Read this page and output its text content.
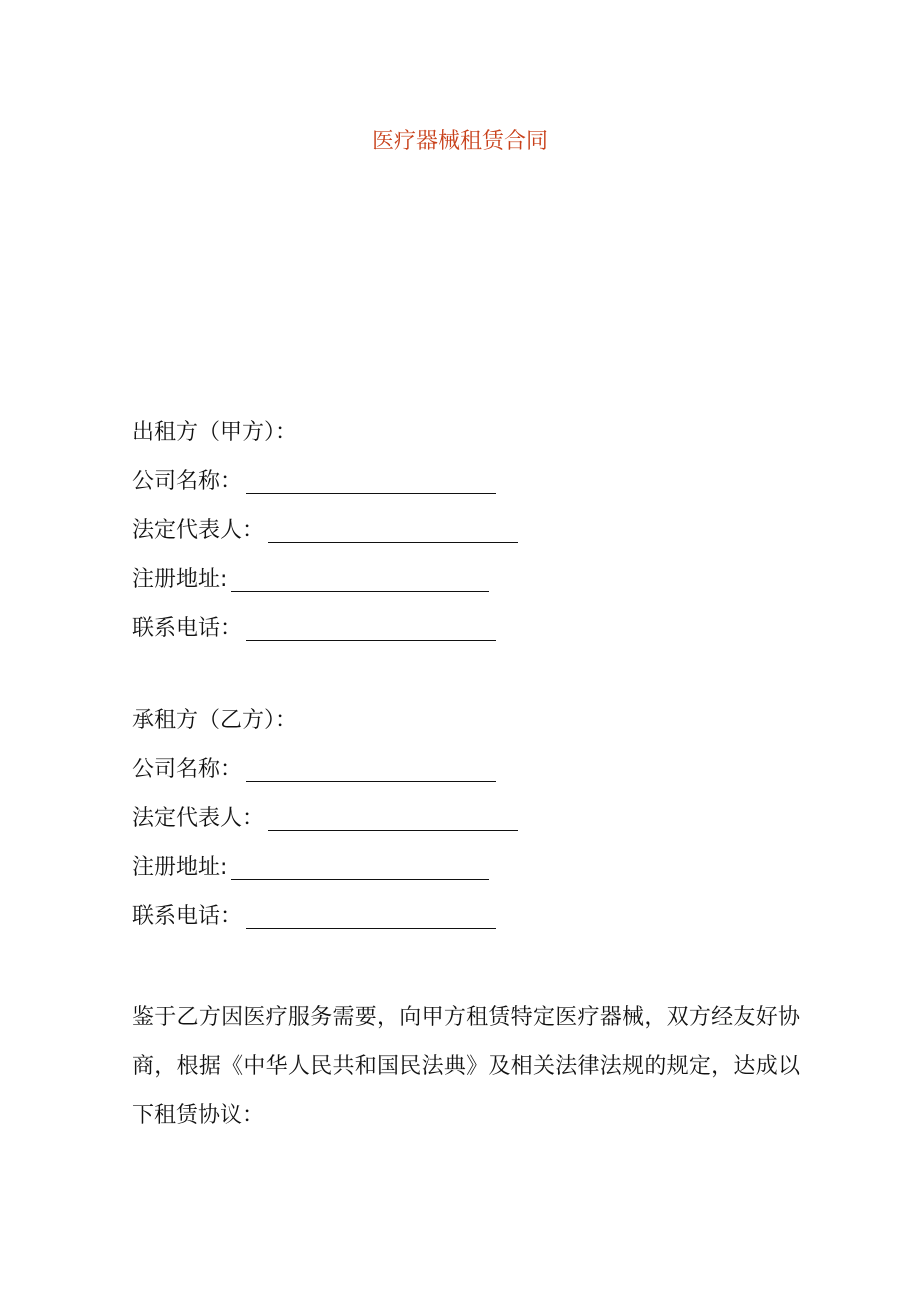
医疗器械租赁合同
出租方（甲方）：
公司名称：
法定代表人：
注册地址:
联系电话：
承租方（乙方）：
公司名称：
法定代表人：
注册地址:
联系电话：
鉴于乙方因医疗服务需要，向甲方租赁特定医疗器械，双方经友好协商，根据《中华人民共和国民法典》及相关法律法规的规定，达成以下租赁协议：
